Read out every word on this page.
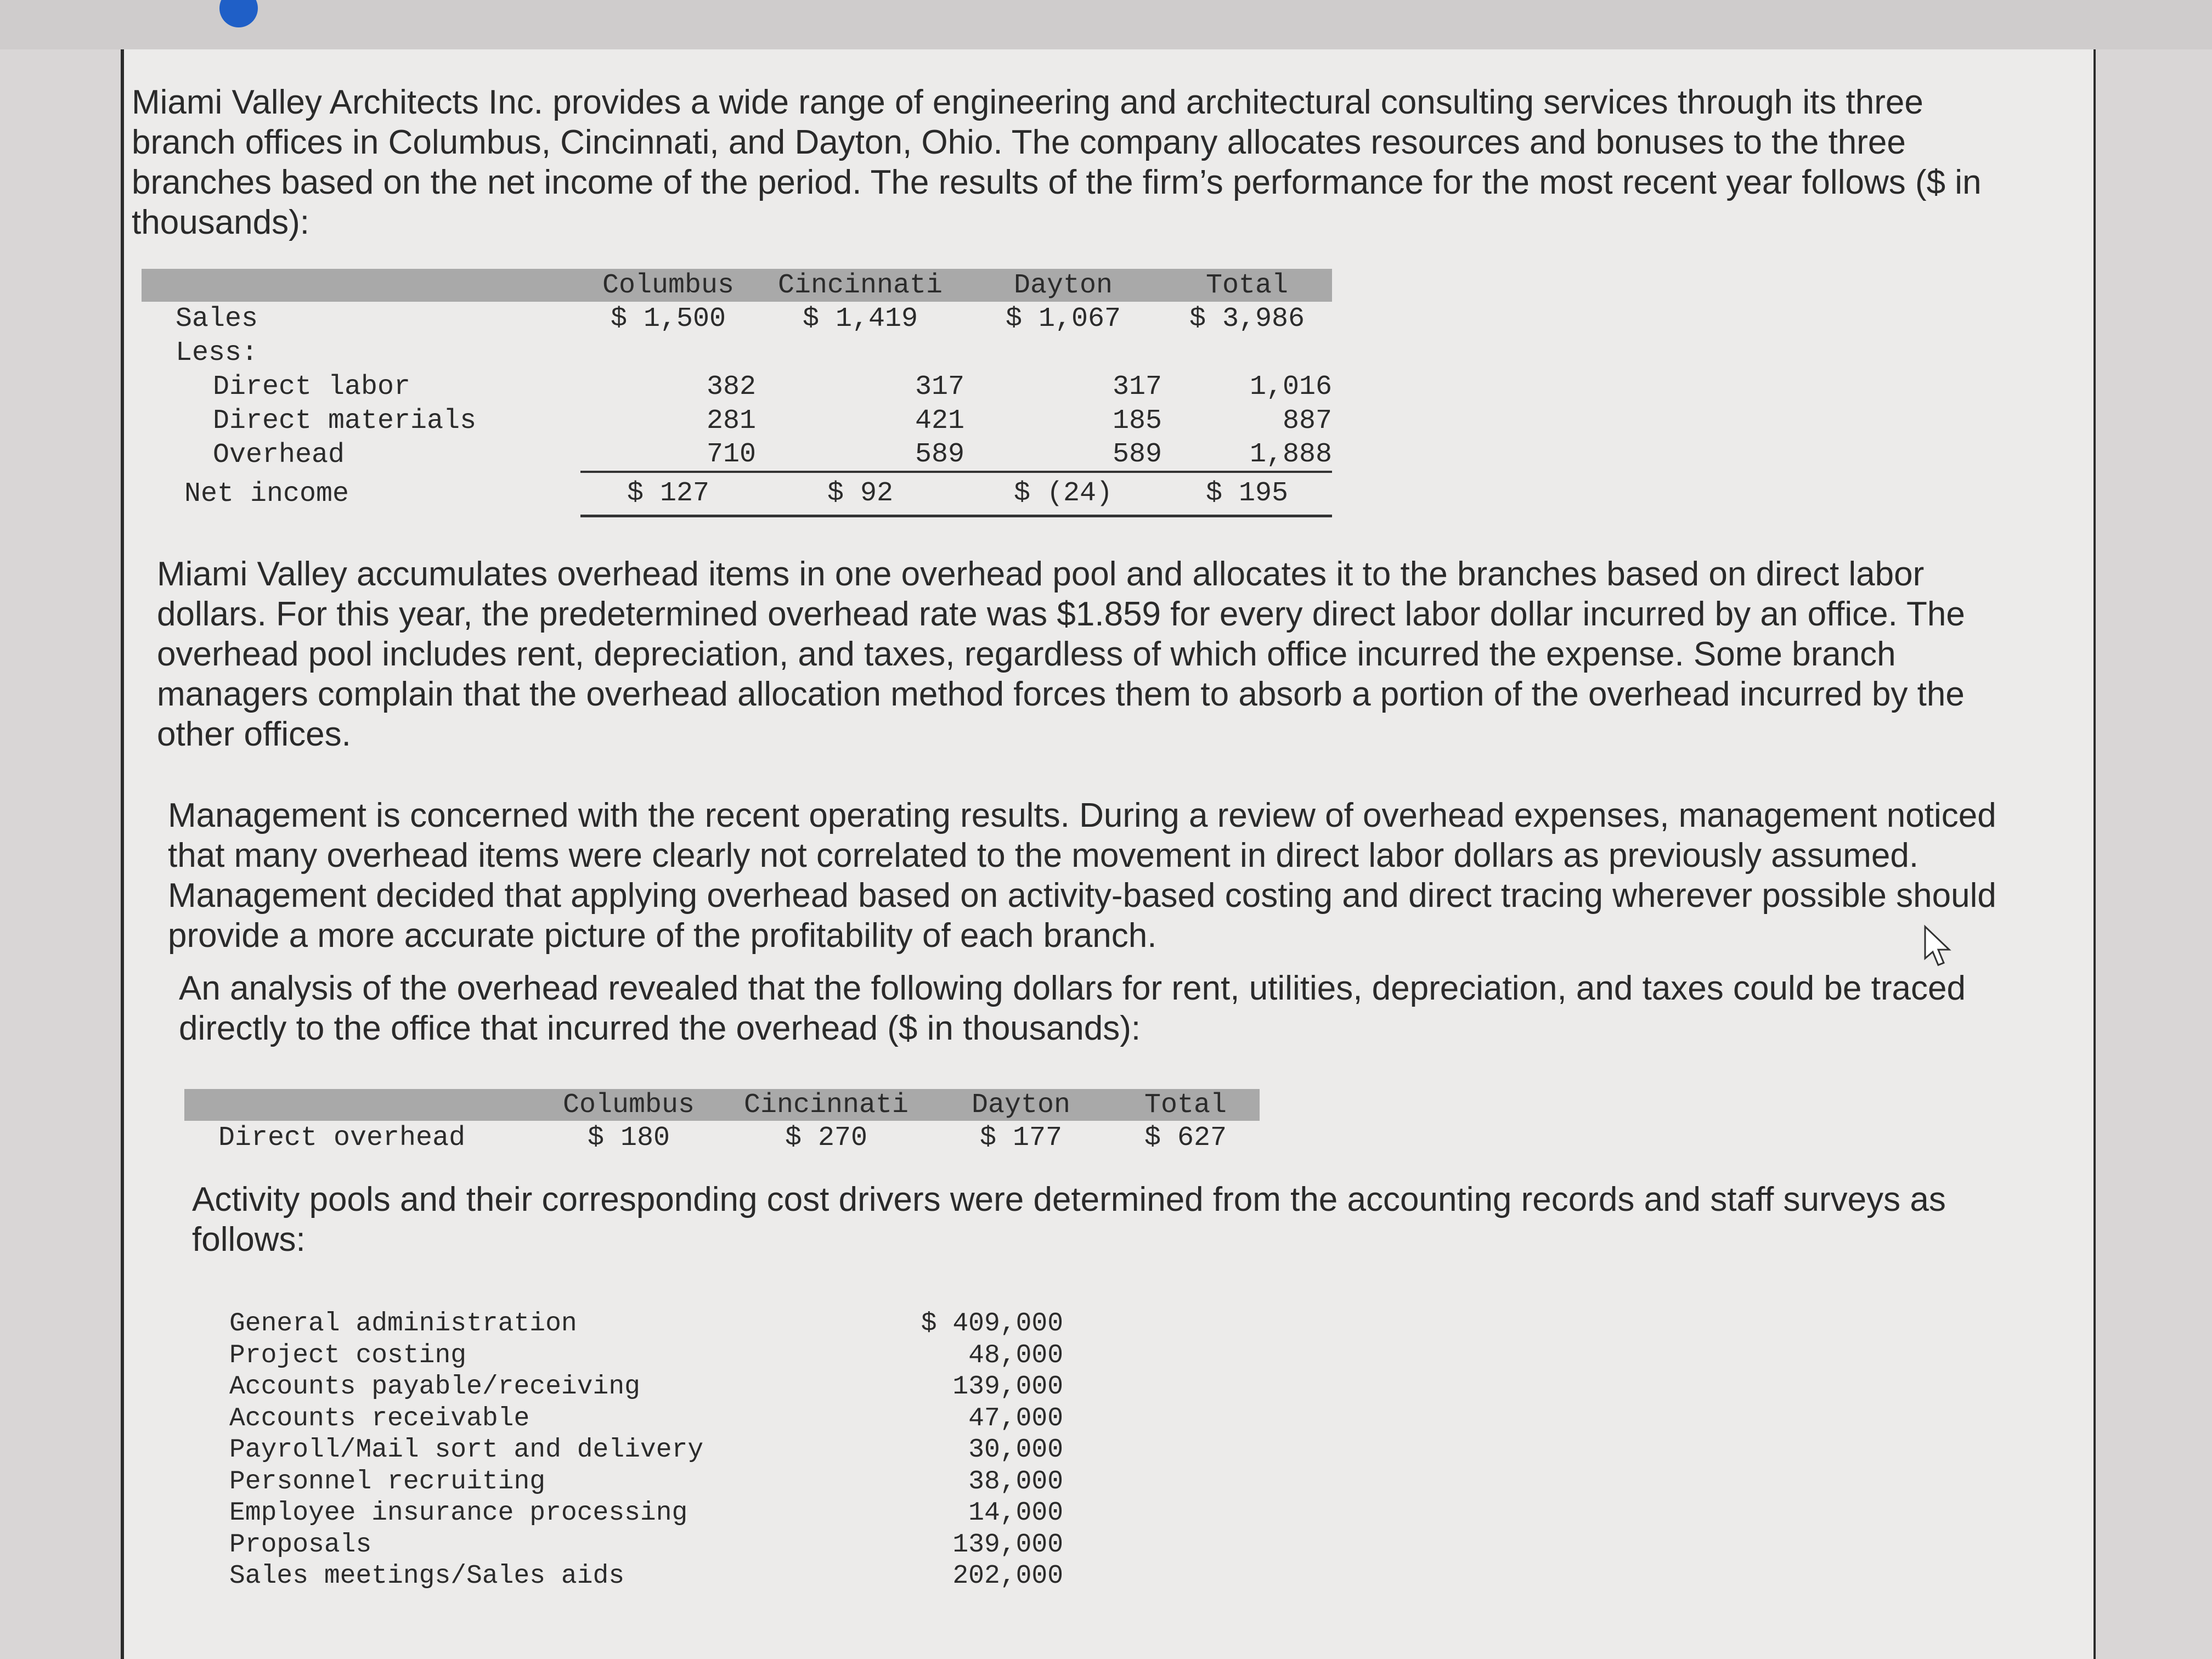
Miami Valley Architects Inc. provides a wide range of engineering and architectural consulting services through its three branch offices in Columbus, Cincinnati, and Dayton, Ohio. The company allocates resources and bonuses to the three branches based on the net income of the period. The results of the firm’s performance for the most recent year follows ($ in thousands):

	Columbus	Cincinnati	Dayton	Total
Sales	$ 1,500	$ 1,419	$ 1,067	$ 3,986
Less:				
Direct labor	382	317	317	1,016
Direct materials	281	421	185	887
Overhead	710	589	589	1,888
Net income	$ 127	$ 92	$ (24)	$ 195

Miami Valley accumulates overhead items in one overhead pool and allocates it to the branches based on direct labor dollars. For this year, the predetermined overhead rate was $1.859 for every direct labor dollar incurred by an office. The overhead pool includes rent, depreciation, and taxes, regardless of which office incurred the expense. Some branch managers complain that the overhead allocation method forces them to absorb a portion of the overhead incurred by the other offices.

Management is concerned with the recent operating results. During a review of overhead expenses, management noticed that many overhead items were clearly not correlated to the movement in direct labor dollars as previously assumed. Management decided that applying overhead based on activity-based costing and direct tracing wherever possible should provide a more accurate picture of the profitability of each branch.

An analysis of the overhead revealed that the following dollars for rent, utilities, depreciation, and taxes could be traced directly to the office that incurred the overhead ($ in thousands):

	Columbus	Cincinnati	Dayton	Total
Direct overhead	$ 180	$ 270	$ 177	$ 627

Activity pools and their corresponding cost drivers were determined from the accounting records and staff surveys as follows:

General administration	$ 409,000
Project costing	48,000
Accounts payable/receiving	139,000
Accounts receivable	47,000
Payroll/Mail sort and delivery	30,000
Personnel recruiting	38,000
Employee insurance processing	14,000
Proposals	139,000
Sales meetings/Sales aids	202,000
